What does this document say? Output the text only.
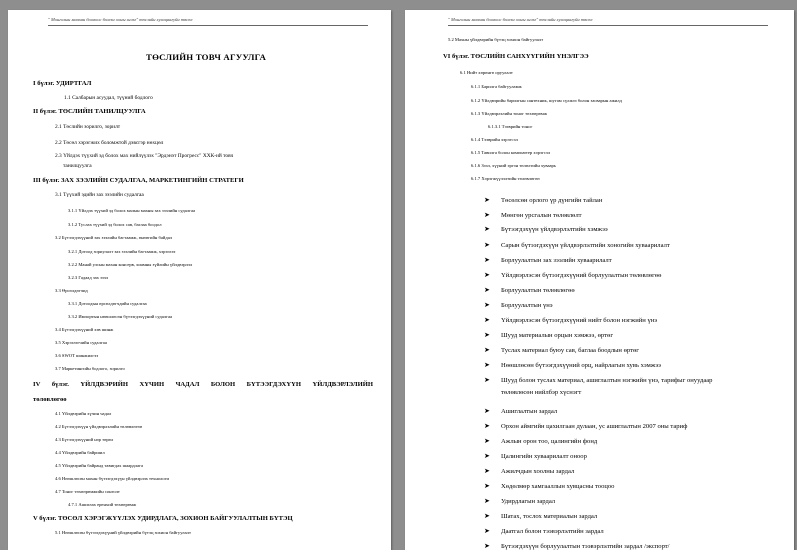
" Монголын маахан боовоос бэлгэн ооны иглэг" төслийн хугацаагуйн төсөл
ТӨСЛИЙН ТОВЧ АГУУЛГА
I бүлэг. УДИРТГАЛ
1.1 Салбарын асуудал, түүний бодлого
II бүлэг. ТӨСЛИЙН ТАНИЛЦУУЛГА
2.1 Төслийн зорилго, зорилт
2.2 Төсөл хэрэгжих боломжтой дэвсгэр нөхцөл
2.3 Үйлдэх түүхий эд болох мах нийлүүлэх "Эрдэнэт Прогресс" ХХК-ий товч
танилцуулга
III бүлэг. ЗАХ ЗЭЭЛИЙН СУДАЛГАА, МАРКЕТИНГИЙН СТРАТЕГИ
3.1 Түүхий эдийн зах зээлийн судалгаа
3.1.1 Үйлдэх түүхий эд болох малын махны зах зээлийн судалгаа
3.1.2 Туслах түүхий эд болох сав, баглаа боодол
3.2 Бүтээгдэхүүний зах зээлийн багтаамж, өнөөгийн байдал
3.2.1 Дотоод зориулалт зах зээлийн багтаамж, хэрэглээ
3.2.2 Манай улсын махан консерв, хиамны зүйлийн үйлдвэрлэл
3.2.3 Гадаад зах зээл
3.3 Өрсөлдөгчид
3.3.1 Дотоодын өрсөлдөгчдийн судалгаа
3.3.2 Импортын нөөшлөсөн бүтээгдэхүүний судалгаа
3.4 Бүтээгдэхүүний хэв шинж
3.5 Хэрэглэгчийн судалгаа
3.6 SWOT шинжилгээ
3.7 Маркетингийн бодлого, зорилго
4.1 Үйлдвэрийн хүчин чадал
4.2 Бүтээгдэхүүн үйлдвэрлэлийн төлөвлөгөө
4.3 Бүтээгдэхүүний нэр төрөл
4.4 Үйлдвэрийн байршил
4.5 Үйлдвэрийн байранд тавигдах шаардлага
4.6 Нөөшлөсөн махан бүтээгдэхүүн үйлдвэрлэх технологи
4.7 Тоног төхөөрөмжийн сонголт
4.7.1 Ашиглах еренхий төхөөрөмж
V бүлэг. ТӨСӨЛ ХЭРЭГЖҮҮЛЭХ УДИРДЛАГА, ЗОХИОН БАЙГУУЛАЛТЫН БҮТЭЦ
5.1 Нөөшлөсөн бүтээгдэхүүний үйлдвэрийн бүтэц зохион байгуулалт
IV бүлэг. ҮЙЛДВЭРИЙН ХҮЧИН ЧАДАЛ БОЛОН БҮТЭЭГДЭХҮҮН ҮЙЛДВЭРЛЭЛИЙН
төлөвлөгөө
" Монголын маахан боовоос бэлгэн ооны иглэг" төслийн хугацаагуйн төсөл
5.2 Махны үйлдвэрийн бүтэц зохион байгуулалт
VI бүлэг. ТӨСЛИЙН САНХҮҮГИЙН ҮНЭЛГЭЭ
6.1 Нийт хөрөнгө оруулалт
6.1.1 Барилга байгууламж
6.1.2 Үйлдвэрийн барилгын сантехник, шугам сүлжээ болон засварын ажилд
6.1.3 Үйлдвэрлэлийн тоног төхөөрөмж
6.1.3.1 Тээврийн тоног
6.1.4 Тээврийн хэрэгсэл
6.1.5 Тавилга болон компьютер хэрэгсэл
6.1.6 Зээл, хүүний эргэн төлөлтийн хуваарь
6.1.7 Хэрэгжүүлэлтийн төлөвлөгөө
➤ Төсөлсөн орлого үр дүнгийн тайлан
➤ Мөнгөн урсгалын төлөвлөлт
➤ Бүтээгдэхүүн үйлдвэрлэлтийн хэмжээ
➤ Сарын бүтээгдэхүүн үйлдвэрлэлтийн хоногийн хуваарилалт
➤ Борлуулалтын зах зээлийн хуваарилалт
➤ Үйлдвэрлэсэн бүтээгдэхүүний борлуулалтын төлөвлөгөө
➤ Борлуулалтын төлөвлөгөө
➤ Борлуулалтын үнэ
➤ Үйлдвэрлэсэн бүтээгдэхүүний нийт болон нэгжийн үнэ
➤ Шууд материалын орцын хэмжээ, өртөг
➤ Туслах материал буюу сав, баглаа боодлын өртөг
➤ Нөөшлөсөн бүтээгдэхүүний орц, найрлагын хувь хэмжээ
➤ Шууд болон туслах материал, ашиглалтын нэгжийн үнэ, тарифыг онуудаар
төлөвлөсөн нийлбэр хүснэгт
➤ Ашиглалтын зардал
➤ Орхон аймгийн цахилгаан дулаан, ус ашиглалтын 2007 оны тариф
➤ Ажлын орон тоо, цалингийн фонд
➤ Цалингийн хуваарилалт оноор
➤ Ажилчдын хоолны зардал
➤ Хөдөлмөр хамгааллын хувцасны тооцоо
➤ Удирдлагын зардал
➤ Шатах, тослох материалын зардал
➤ Даатгал болон тээвэрлэлтийн зардал
➤ Бүтээгдэхүүн борлуулалтын тээвэрлэлтийн зардал /экспорт/
